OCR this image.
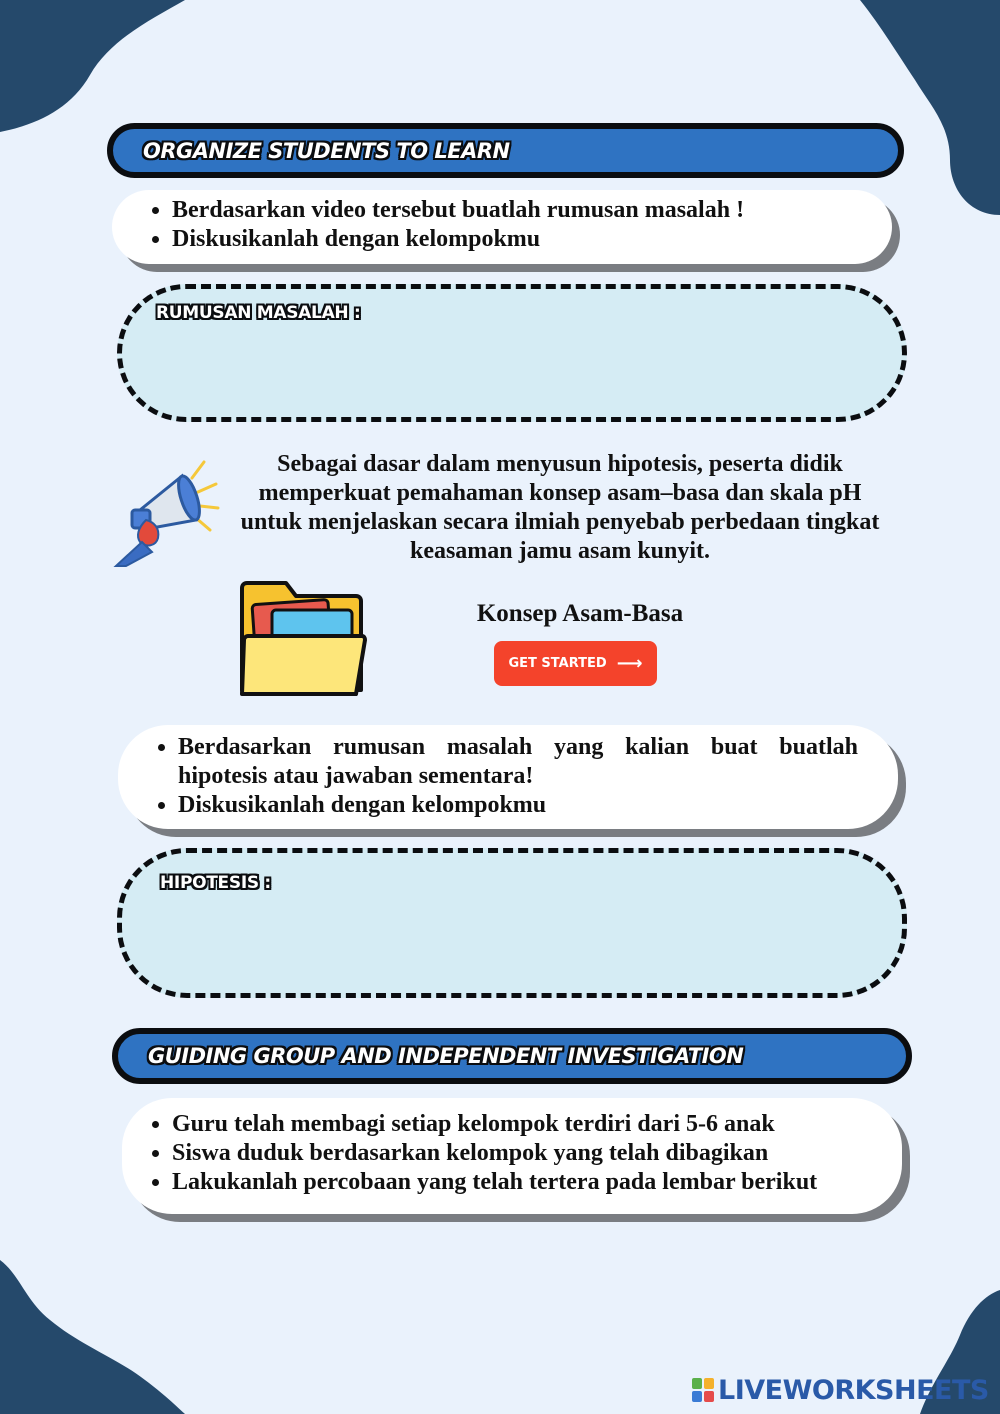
ORGANIZE STUDENTS TO LEARN
• Berdasarkan video tersebut buatlah rumusan masalah !
• Diskusikanlah dengan kelompokmu
RUMUSAN MASALAH :
Sebagai dasar dalam menyusun hipotesis, peserta didik memperkuat pemahaman konsep asam–basa dan skala pH untuk menjelaskan secara ilmiah penyebab perbedaan tingkat keasaman jamu asam kunyit.
Konsep Asam-Basa
GET STARTED ⟶
• Berdasarkan rumusan masalah yang kalian buat buatlah hipotesis atau jawaban sementara!
• Diskusikanlah dengan kelompokmu
HIPOTESIS :
GUIDING GROUP AND INDEPENDENT INVESTIGATION
• Guru telah membagi setiap kelompok terdiri dari 5-6 anak
• Siswa duduk berdasarkan kelompok yang telah dibagikan
• Lakukanlah percobaan yang telah tertera pada lembar berikut
LIVEWORKSHEETS
